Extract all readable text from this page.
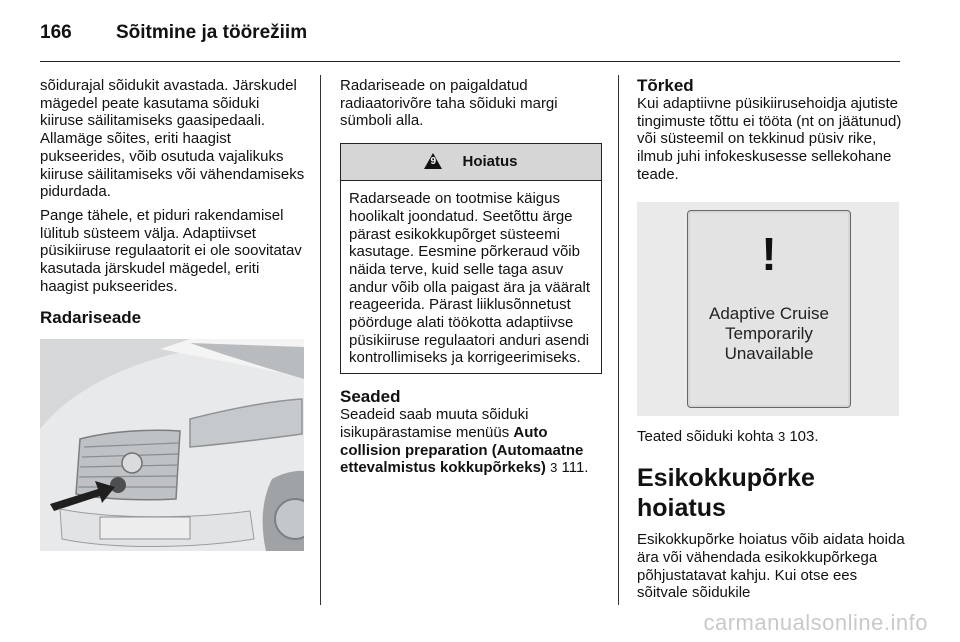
166	Sõitmine ja töörežiim

sõidurajal sõidukit avastada. Järskudel mägedel peate kasutama sõiduki kiiruse säilitamiseks gaasipedaali. Allamäge sõites, eriti haagist pukseerides, võib osutuda vajalikuks kiiruse säilitamiseks või vähendamiseks pidurdada.

Pange tähele, et piduri rakendamisel lülitub süsteem välja. Adaptiivset püsikiiruse regulaatorit ei ole soovitatav kasutada järskudel mägedel, eriti haagist pukseerides.

Radariseade

Radariseade on paigaldatud radiaatorivõre taha sõiduki margi sümboli alla.

9 Hoiatus
Radarseade on tootmise käigus hoolikalt joondatud. Seetõttu ärge pärast esikokkupõrget süsteemi kasutage. Eesmine põrkeraud võib näida terve, kuid selle taga asuv andur võib olla paigast ära ja vääralt reageerida. Pärast liiklusõnnetust pöörduge alati töökotta adaptiivse püsikiiruse regulaatori anduri asendi kontrollimiseks ja korrigeerimiseks.
Seaded

Seadeid saab muuta sõiduki isikupärastamise menüüs Auto collision preparation (Automaatne ettevalmistus kokkupõrkeks) 3 111.

Tõrked

Kui adaptiivne püsikiirusehoidja ajutiste tingimuste tõttu ei tööta (nt on jäätunud) või süsteemil on tekkinud püsiv rike, ilmub juhi infokeskusesse sellekohane teade.

!
Adaptive Cruise
Temporarily
Unavailable

Teated sõiduki kohta 3 103.

Esikokkupõrke hoiatus

Esikokkupõrke hoiatus võib aidata hoida ära või vähendada esikokkupõrkega põhjustatavat kahju. Kui otse ees sõitvale sõidukile

carmanualsonline.info
